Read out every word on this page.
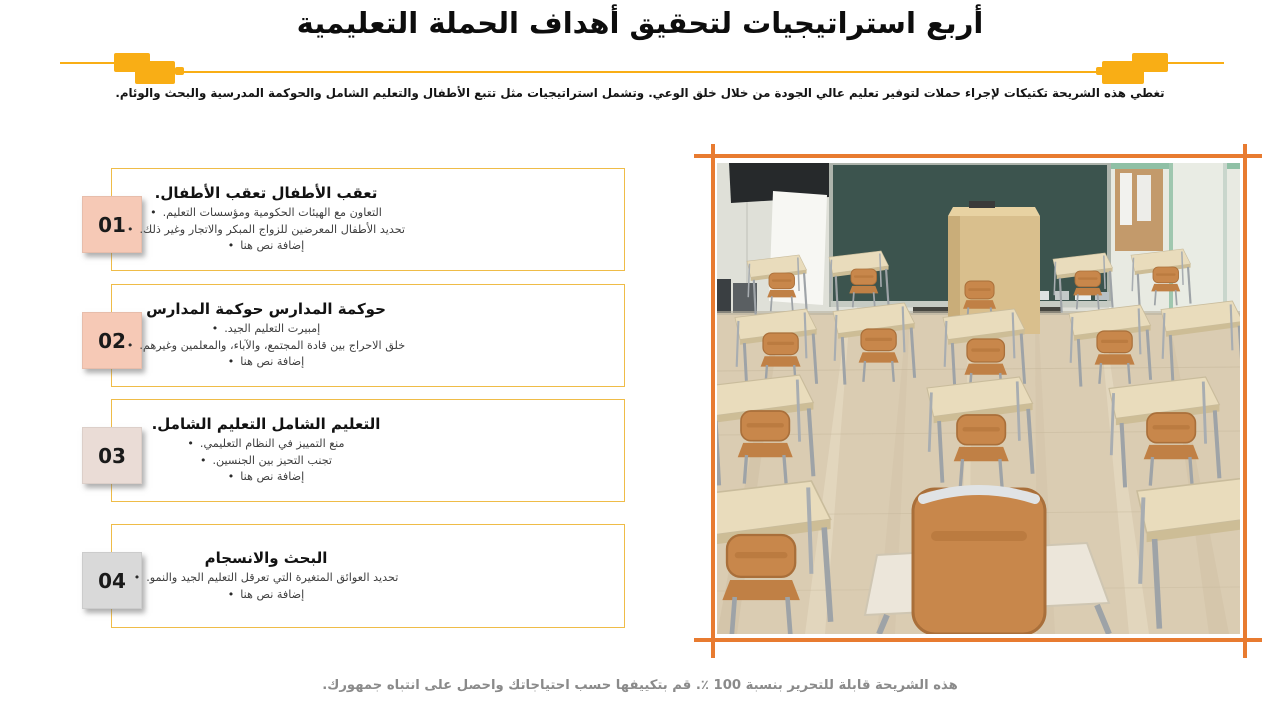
أربع استراتيجيات لتحقيق أهداف الحملة التعليمية

تغطي هذه الشريحة تكتيكات لإجراء حملات لتوفير تعليم عالي الجودة من خلال خلق الوعي. وتشمل استراتيجيات مثل تتبع الأطفال والتعليم الشامل والحوكمة المدرسية والبحث والوئام.

01
تعقب الأطفال تعقب الأطفال.
• التعاون مع الهيئات الحكومية ومؤسسات التعليم.
• تحديد الأطفال المعرضين للزواج المبكر والاتجار وغير ذلك.
• إضافة نص هنا
02
حوكمة المدارس حوكمة المدارس
• إمبيرت التعليم الجيد.
• خلق الاحراج بين قادة المجتمع، والآباء، والمعلمين وغيرهم.
• إضافة نص هنا
03
التعليم الشامل التعليم الشامل.
• منع التمييز في النظام التعليمي.
• تجنب التحيز بين الجنسين.
• إضافة نص هنا
04
البحث والانسجام
• تحديد العوائق المتغيرة التي تعرقل التعليم الجيد والنمو.
• إضافة نص هنا

هذه الشريحة قابلة للتحرير بنسبة 100 ٪. قم بتكييفها حسب احتياجاتك واحصل على انتباه جمهورك.
